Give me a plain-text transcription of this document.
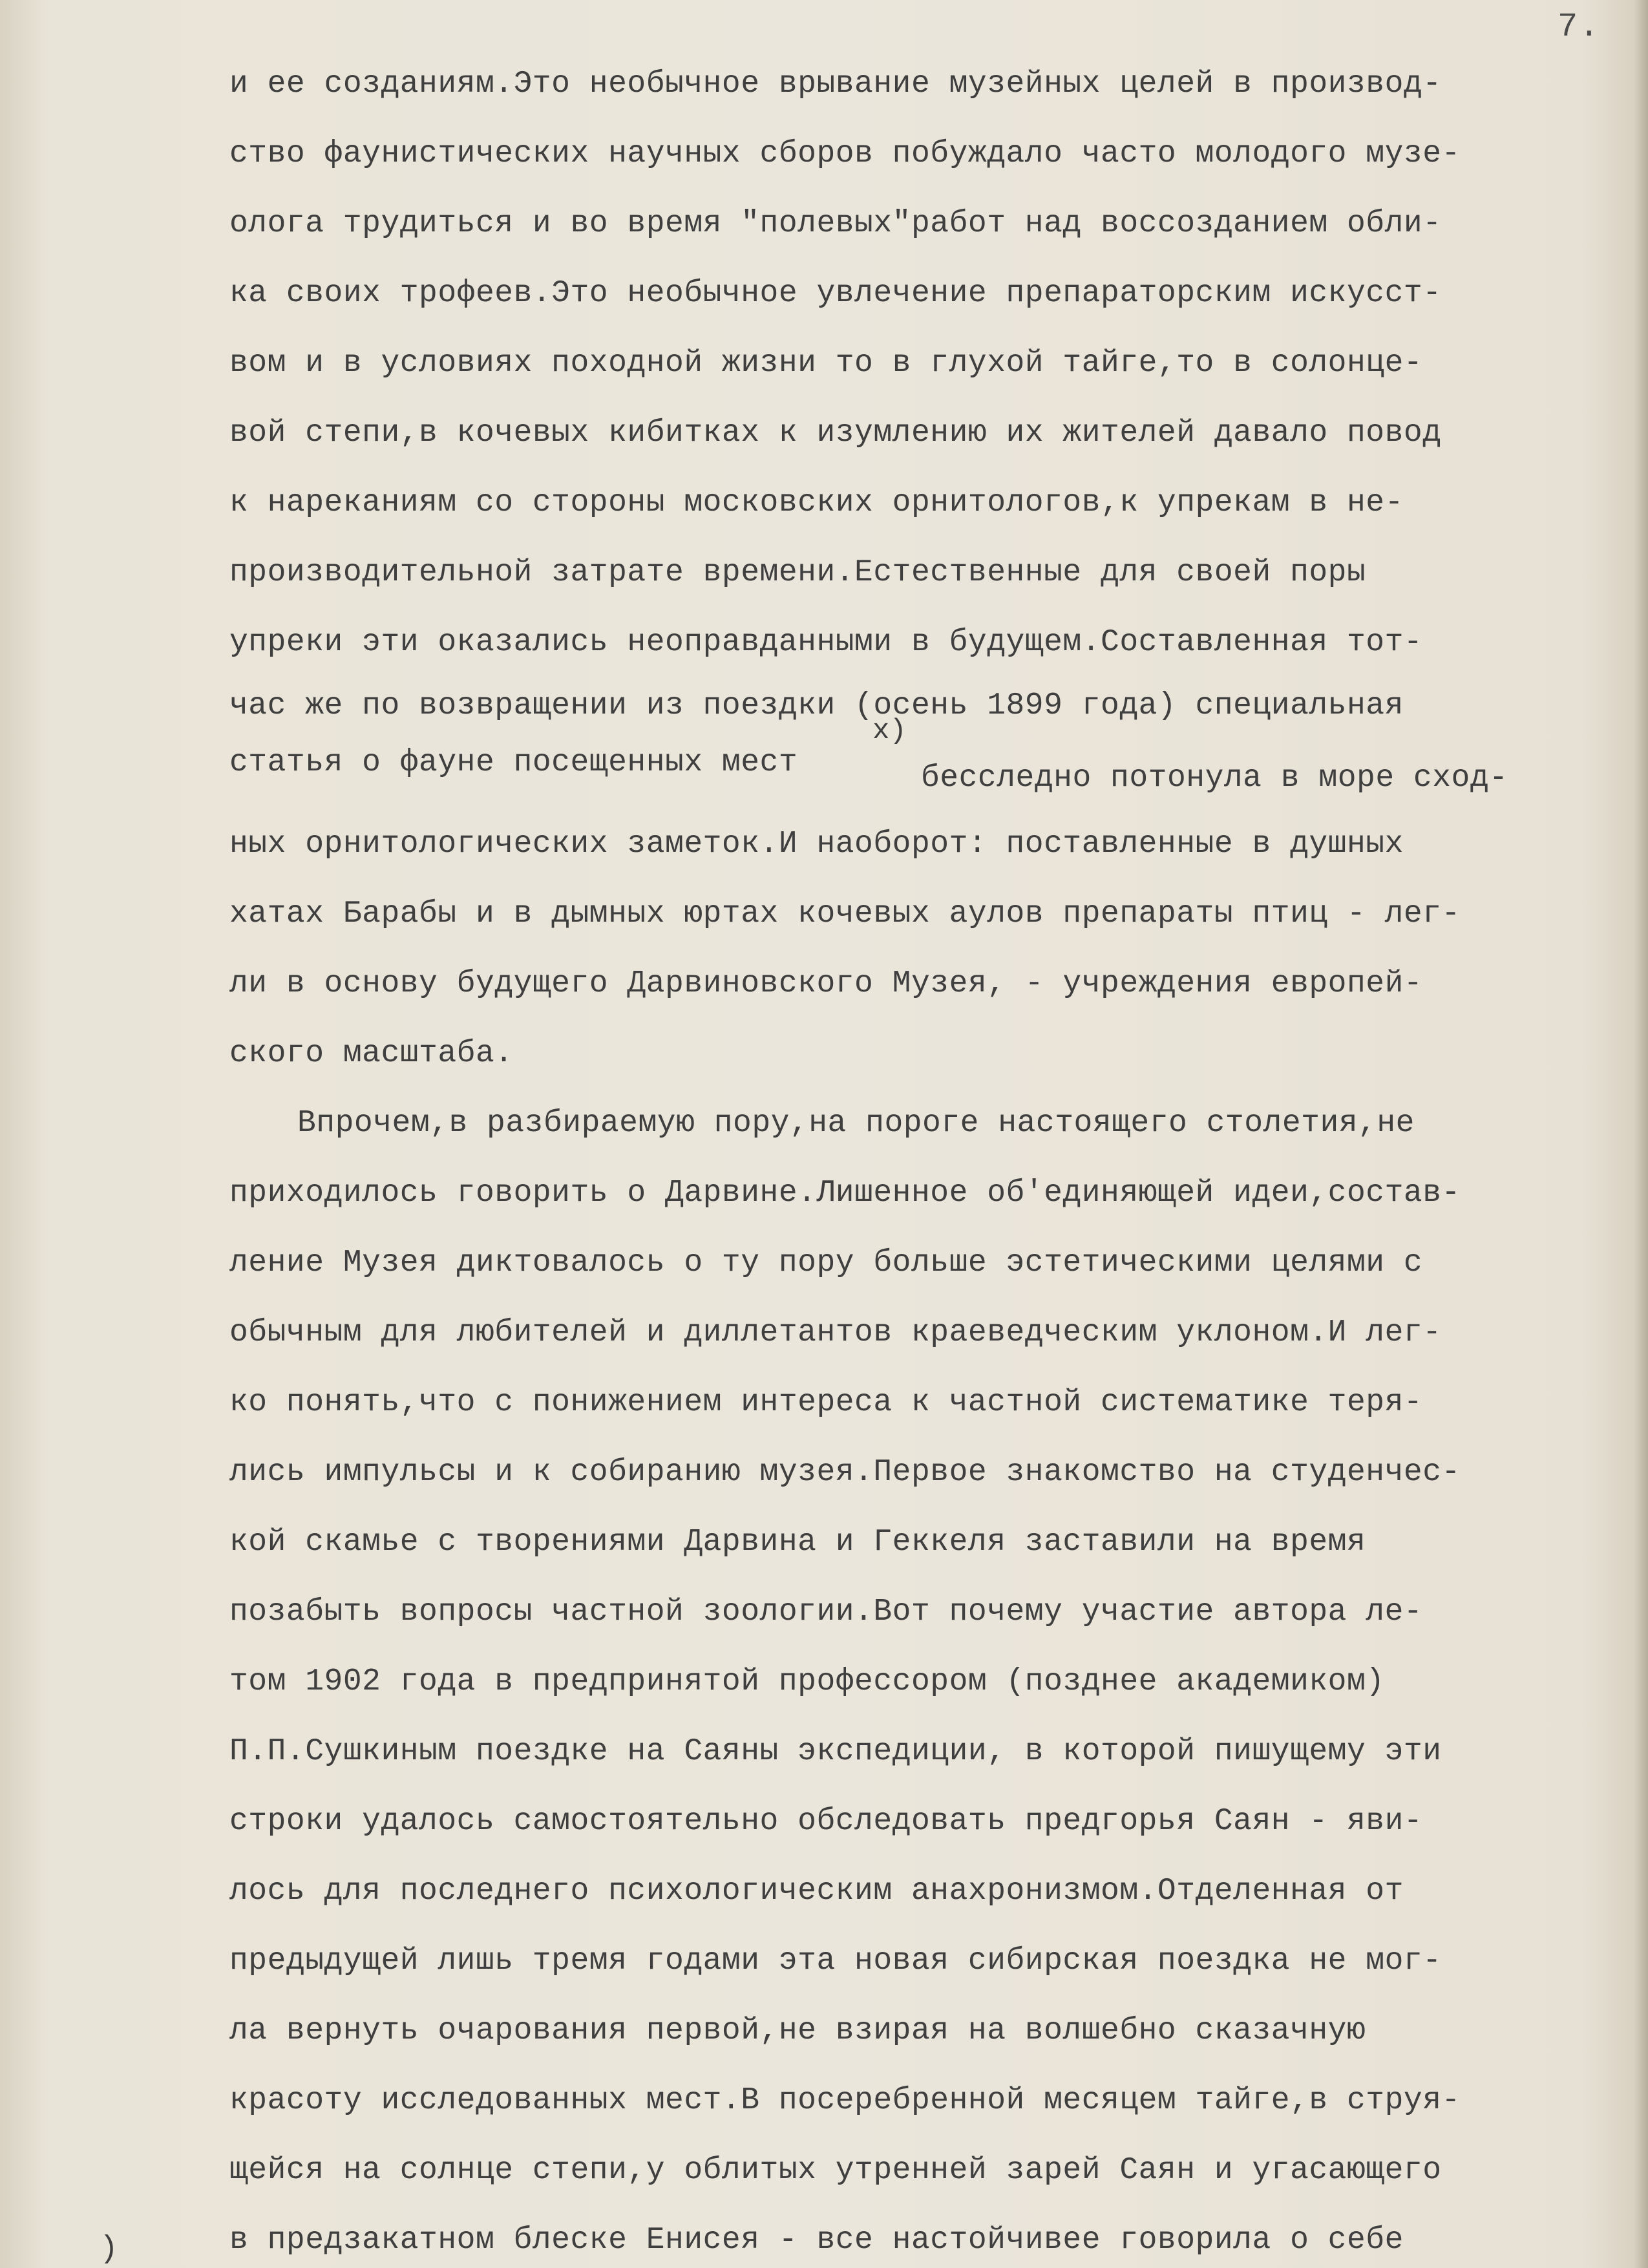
7.
и ее созданиям.Это необычное врывание музейных целей в производ-
ство фаунистических научных сборов побуждало часто молодого музе-
олога трудиться и во время "полевых"работ над воссозданием обли-
ка своих трофеев.Это необычное увлечение препараторским искусст-
вом и в условиях походной жизни то в глухой тайге,то в солонце-
вой степи,в кочевых кибитках к изумлению их жителей давало повод
к нареканиям со стороны московских орнитологов,к упрекам в не-
производительной затрате времени.Естественные для своей поры
упреки эти оказались неоправданными в будущем.Составленная тот-
час же по возвращении из поездки (осень 1899 года) специальная
х)
статья о фауне посещенных мест	бесследно потонула в море сход-
ных орнитологических заметок.И наоборот: поставленные в душных
хатах Барабы и в дымных юртах кочевых аулов препараты птиц - лег-
ли в основу будущего Дарвиновского Музея, - учреждения европей-
ского масштаба.
Впрочем,в разбираемую пору,на пороге настоящего столетия,не
приходилось говорить о Дарвине.Лишенное об'единяющей идеи,состав-
ление Музея диктовалось о ту пору больше эстетическими целями с
обычным для любителей и диллетантов краеведческим уклоном.И лег-
ко понять,что с понижением интереса к частной систематике теря-
лись импульсы и к собиранию музея.Первое знакомство на студенчес-
кой скамье с творениями Дарвина и Геккеля заставили на время
позабыть вопросы частной зоологии.Вот почему участие автора ле-
том 1902 года в предпринятой профессором (позднее академиком)
П.П.Сушкиным поездке на Саяны экспедиции, в которой пишущему эти
строки удалось самостоятельно обследовать предгорья Саян - яви-
лось для последнего психологическим анахронизмом.Отделенная от
предыдущей лишь тремя годами эта новая сибирская поездка не мог-
ла вернуть очарования первой,не взирая на волшебно сказачную
красоту исследованных мест.В посеребренной месяцем тайге,в струя-
щейся на солнце степи,у облитых утренней зарей Саян и угасающего
в предзакатном блеске Енисея - все настойчивее говорила о себе
)
